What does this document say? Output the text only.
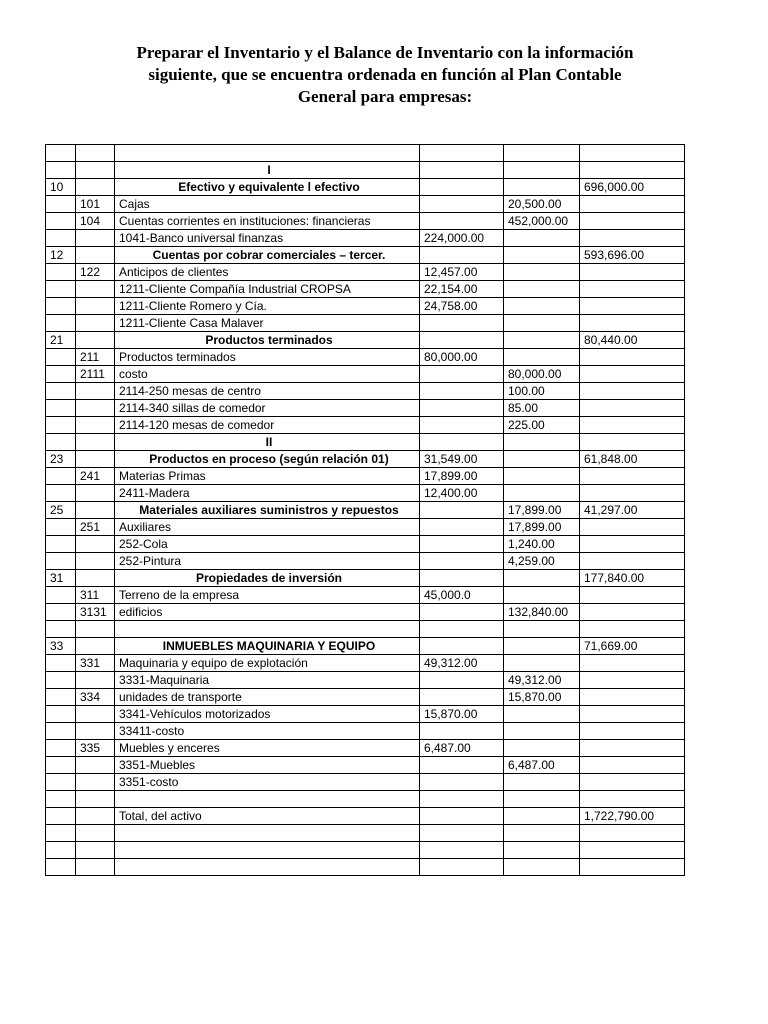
Preparar el Inventario y el Balance de Inventario con la información
siguiente, que se encuentra ordenada en función al Plan Contable
General para empresas:

		I			
10		Efectivo y equivalente l efectivo			696,000.00
	101	Cajas		20,500.00	
	104	Cuentas corrientes en instituciones: financieras		452,000.00	
		1041-Banco universal finanzas	224,000.00		
12		Cuentas por cobrar comerciales – tercer.			593,696.00
	122	Anticipos de clientes	12,457.00		
		1211-Cliente Compañía Industrial CROPSA	22,154.00		
		1211-Cliente Romero y Cía.	24,758.00		
		1211-Cliente Casa Malaver			
21		Productos terminados			80,440.00
	211	Productos terminados	80,000.00		
	2111	costo		80,000.00	
		2114-250 mesas de centro		100.00	
		2114-340 sillas de comedor		85.00	
		2114-120 mesas de comedor		225.00	
		II			
23		Productos en proceso (según relación 01)	31,549.00		61,848.00
	241	Materias Primas	17,899.00		
		2411-Madera	12,400.00		
25		Materiales auxiliares suministros y repuestos		17,899.00	41,297.00
	251	Auxiliares		17,899.00	
		252-Cola		1,240.00	
		252-Pintura		4,259.00	
31		Propiedades de inversión			177,840.00
	311	Terreno de la empresa	45,000.0		
	3131	edificios		132,840.00	

33		INMUEBLES MAQUINARIA Y EQUIPO			71,669.00
	331	Maquinaria y equipo de explotación	49,312.00		
		3331-Maquinaria		49,312.00	
	334	unidades de transporte		15,870.00	
		3341-Vehículos motorizados	15,870.00		
		33411-costo			
	335	Muebles y enceres	6,487.00		
		3351-Muebles		6,487.00	
		3351-costo			

		Total, del activo			1,722,790.00
